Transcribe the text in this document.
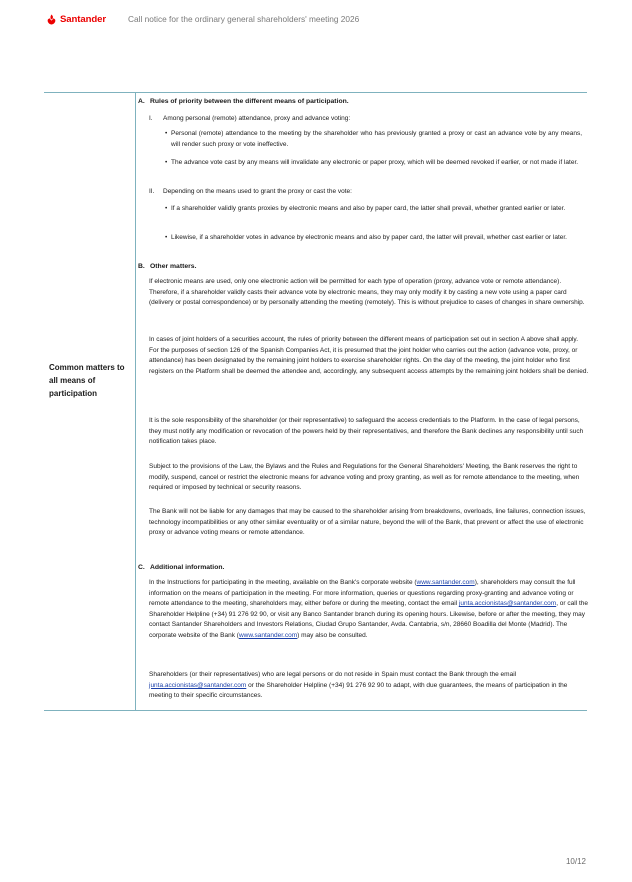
Santander	Call notice for the ordinary general shareholders' meeting 2026
Common matters to all means of participation
A. Rules of priority between the different means of participation.
I. Among personal (remote) attendance, proxy and advance voting:
• Personal (remote) attendance to the meeting by the shareholder who has previously granted a proxy or cast an advance vote by any means, will render such proxy or vote ineffective.
• The advance vote cast by any means will invalidate any electronic or paper proxy, which will be deemed revoked if earlier, or not made if later.
II. Depending on the means used to grant the proxy or cast the vote:
• If a shareholder validly grants proxies by electronic means and also by paper card, the latter shall prevail, whether granted earlier or later.
• Likewise, if a shareholder votes in advance by electronic means and also by paper card, the latter will prevail, whether cast earlier or later.
B. Other matters.
If electronic means are used, only one electronic action will be permitted for each type of operation (proxy, advance vote or remote attendance). Therefore, if a shareholder validly casts their advance vote by electronic means, they may only modify it by casting a new vote using a paper card (delivery or postal correspondence) or by personally attending the meeting (remotely). This is without prejudice to cases of changes in share ownership.
In cases of joint holders of a securities account, the rules of priority between the different means of participation set out in section A above shall apply. For the purposes of section 126 of the Spanish Companies Act, it is presumed that the joint holder who carries out the action (advance vote, proxy, or attendance) has been designated by the remaining joint holders to exercise shareholder rights. On the day of the meeting, the joint holder who first registers on the Platform shall be deemed the attendee and, accordingly, any subsequent access attempts by the remaining joint holders shall be denied.
It is the sole responsibility of the shareholder (or their representative) to safeguard the access credentials to the Platform. In the case of legal persons, they must notify any modification or revocation of the powers held by their representatives, and therefore the Bank declines any responsibility until such notification takes place.
Subject to the provisions of the Law, the Bylaws and the Rules and Regulations for the General Shareholders' Meeting, the Bank reserves the right to modify, suspend, cancel or restrict the electronic means for advance voting and proxy granting, as well as for remote attendance to the meeting, when required or imposed by technical or security reasons.
The Bank will not be liable for any damages that may be caused to the shareholder arising from breakdowns, overloads, line failures, connection issues, technology incompatibilities or any other similar eventuality or of a similar nature, beyond the will of the Bank, that prevent or affect the use of electronic proxy or advance voting means or remote attendance.
C. Additional information.
In the Instructions for participating in the meeting, available on the Bank's corporate website (www.santander.com), shareholders may consult the full information on the means of participation in the meeting. For more information, queries or questions regarding proxy-granting and advance voting or remote attendance to the meeting, shareholders may, either before or during the meeting, contact the email junta.accionistas@santander.com, or call the Shareholder Helpline (+34) 91 276 92 90, or visit any Banco Santander branch during its opening hours. Likewise, before or after the meeting, they may contact Santander Shareholders and Investors Relations, Ciudad Grupo Santander, Avda. Cantabria, s/n, 28660 Boadilla del Monte (Madrid). The corporate website of the Bank (www.santander.com) may also be consulted.
Shareholders (or their representatives) who are legal persons or do not reside in Spain must contact the Bank through the email junta.accionistas@santander.com or the Shareholder Helpline (+34) 91 276 92 90 to adapt, with due guarantees, the means of participation in the meeting to their specific circumstances.
10/12
